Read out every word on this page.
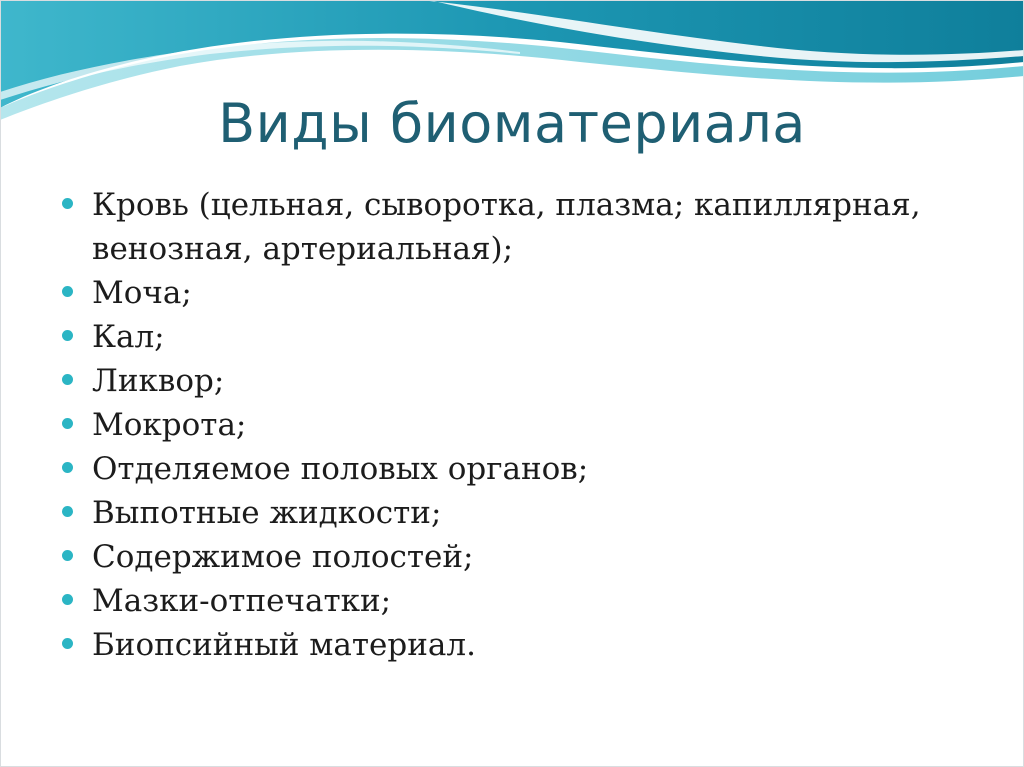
Виды биоматериала
Кровь (цельная, сыворотка, плазма; капиллярная, венозная, артериальная);
Моча;
Кал;
Ликвор;
Мокрота;
Отделяемое половых органов;
Выпотные жидкости;
Содержимое полостей;
Мазки-отпечатки;
Биопсийный материал.
